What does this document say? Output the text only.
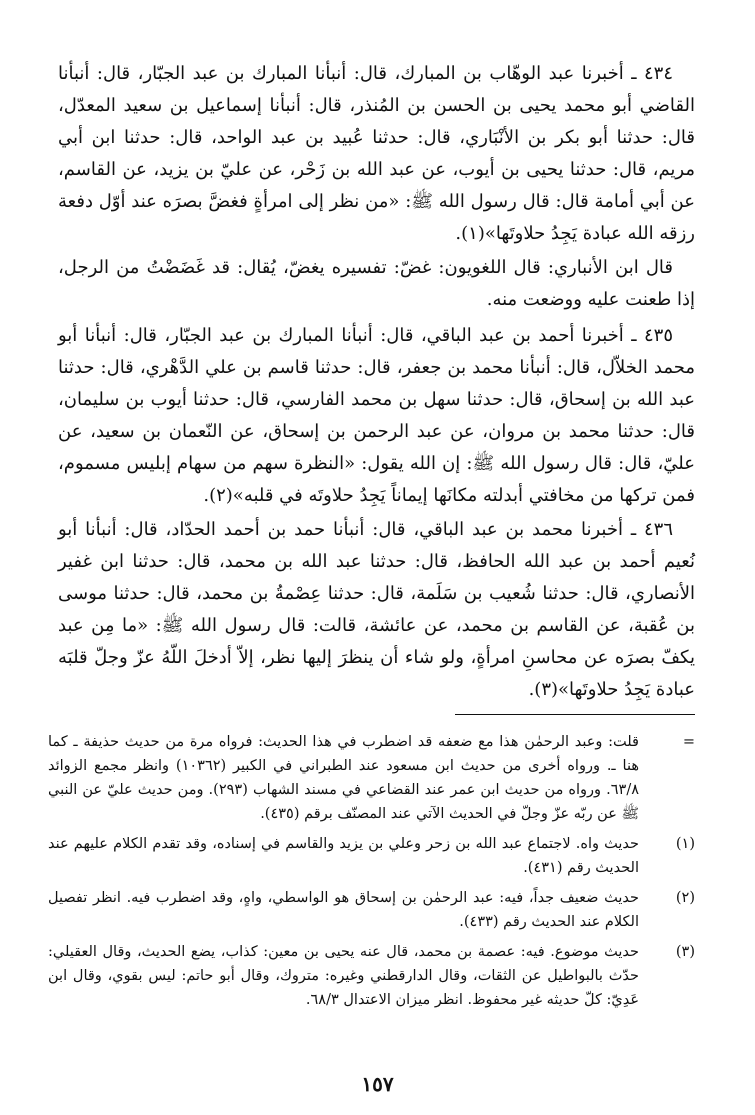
٤٣٤ ـ أخبرنا عبد الوهّاب بن المبارك، قال: أنبأنا المبارك بن عبد الجبّار، قال: أنبأنا القاضي أبو محمد يحيى بن الحسن بن المُنذر، قال: أنبأنا إسماعيل بن سعيد المعدّل، قال: حدثنا أبو بكر بن الأنْبَاري، قال: حدثنا عُبيد بن عبد الواحد، قال: حدثنا ابن أبي مريم، قال: حدثنا يحيى بن أيوب، عن عبد الله بن زَحْر، عن عليّ بن يزيد، عن القاسم، عن أبي أمامة قال: قال رسول الله ﷺ: «من نظر إلى امرأةٍ فغضَّ بصرَه عند أوّل دفعة رزقه الله عبادة يَجِدُ حلاوتَها»(١).

قال ابن الأنباري: قال اللغويون: غضّ: تفسيره يغضّ، يُقال: قد غَضَضْتُ من الرجل، إذا طعنت عليه ووضعت منه.

٤٣٥ ـ أخبرنا أحمد بن عبد الباقي، قال: أنبأنا المبارك بن عبد الجبّار، قال: أنبأنا أبو محمد الخلاّل، قال: أنبأنا محمد بن جعفر، قال: حدثنا قاسم بن علي الدَّهْري، قال: حدثنا عبد الله بن إسحاق، قال: حدثنا سهل بن محمد الفارسي، قال: حدثنا أيوب بن سليمان، قال: حدثنا محمد بن مروان، عن عبد الرحمن بن إسحاق، عن النّعمان بن سعيد، عن عليّ، قال: قال رسول الله ﷺ: إن الله يقول: «النظرة سهم من سهام إبليس مسموم، فمن تركها من مخافتي أبدلته مكانَها إيماناً يَجِدُ حلاوتَه في قلبه»(٢).

٤٣٦ ـ أخبرنا محمد بن عبد الباقي، قال: أنبأنا حمد بن أحمد الحدّاد، قال: أنبأنا أبو نُعيم أحمد بن عبد الله الحافظ، قال: حدثنا عبد الله بن محمد، قال: حدثنا ابن غفير الأنصاري، قال: حدثنا شُعيب بن سَلَمة، قال: حدثنا عِصْمةُ بن محمد، قال: حدثنا موسى بن عُقبة، عن القاسم بن محمد، عن عائشة، قالت: قال رسول الله ﷺ: «ما مِن عبد يكفّ بصرَه عن محاسنِ امرأةٍ، ولو شاء أن ينظرَ إليها نظر، إلاّ أدخلَ اللّهُ عزّ وجلّ قلبَه عبادة يَجِدُ حلاوتَها»(٣).

=
قلت: وعبد الرحمٰن هذا مع ضعفه قد اضطرب في هذا الحديث: فرواه مرة من حديث حذيفة ـ كما هنا ـ. ورواه أخرى من حديث ابن مسعود عند الطبراني في الكبير (١٠٣٦٢) وانظر مجمع الزوائد ٦٣/٨. ورواه من حديث ابن عمر عند القضاعي في مسند الشهاب (٢٩٣). ومن حديث عليّ عن النبي ﷺ عن ربّه عزّ وجلّ في الحديث الآتي عند المصنّف برقم (٤٣٥).
(١)
حديث واه. لاجتماع عبد الله بن زحر وعلي بن يزيد والقاسم في إسناده، وقد تقدم الكلام عليهم عند الحديث رقم (٤٣١).
(٢)
حديث ضعيف جداً، فيه: عبد الرحمٰن بن إسحاق هو الواسطي، واهٍ، وقد اضطرب فيه. انظر تفصيل الكلام عند الحديث رقم (٤٣٣).
(٣)
حديث موضوع. فيه: عصمة بن محمد، قال عنه يحيى بن معين: كذاب، يضع الحديث، وقال العقيلي: حدّث بالبواطيل عن الثقات، وقال الدارقطني وغيره: متروك، وقال أبو حاتم: ليس بقوي، وقال ابن عَدِيّ: كلّ حديثه غير محفوظ. انظر ميزان الاعتدال ٦٨/٣.
١٥٧
